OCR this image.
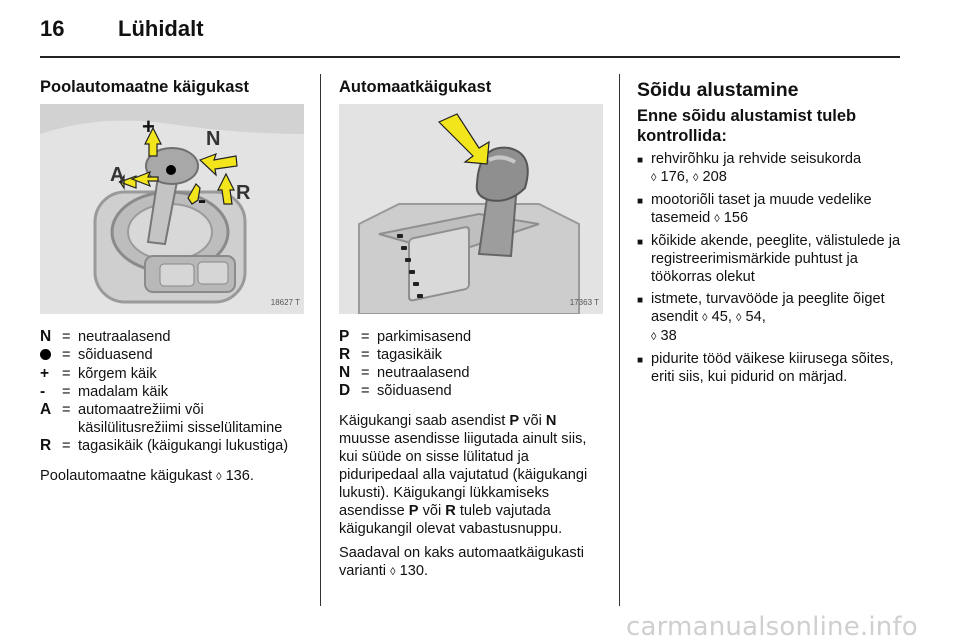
16 Lühidalt
Poolautomaatne käigukast
+	N
A
R
-
18627 T
N = neutraalasend
= sõiduasend
+ = kõrgem käik
-	= madalam käik
A = automaatrežiimi või käsilülitusrežiimi sisselülitamine
R = tagasikäik (käigukangi lukustiga)

Poolautomaatne käigukast ◊ 136.

Automaatkäigukast
17363 T
P = parkimisasend
R = tagasikäik
N = neutraalasend
D = sõiduasend

Käigukangi saab asendist P või N muusse asendisse liigutada ainult siis, kui süüde on sisse lülitatud ja piduripedaal alla vajutatud (käigukangi lukusti). Käigukangi lükkamiseks asendisse P või R tuleb vajutada käigukangil olevat vabastusnuppu.

Saadaval on kaks automaatkäigukasti varianti ◊ 130.

Sõidu alustamine
Enne sõidu alustamist tuleb kontrollida:
■ rehvirõhku ja rehvide seisukorda
◊ 176, ◊ 208
■ mootoriõli taset ja muude vedelike tasemeid ◊ 156
■ kõikide akende, peeglite, välistulede ja registreerimismärkide puhtust ja töökorras olekut
■ istmete, turvavööde ja peeglite õiget asendit ◊ 45, ◊ 54,
◊ 38
■ pidurite tööd väikese kiirusega sõites, eriti siis, kui pidurid on märjad.
carmanualsonline.info
